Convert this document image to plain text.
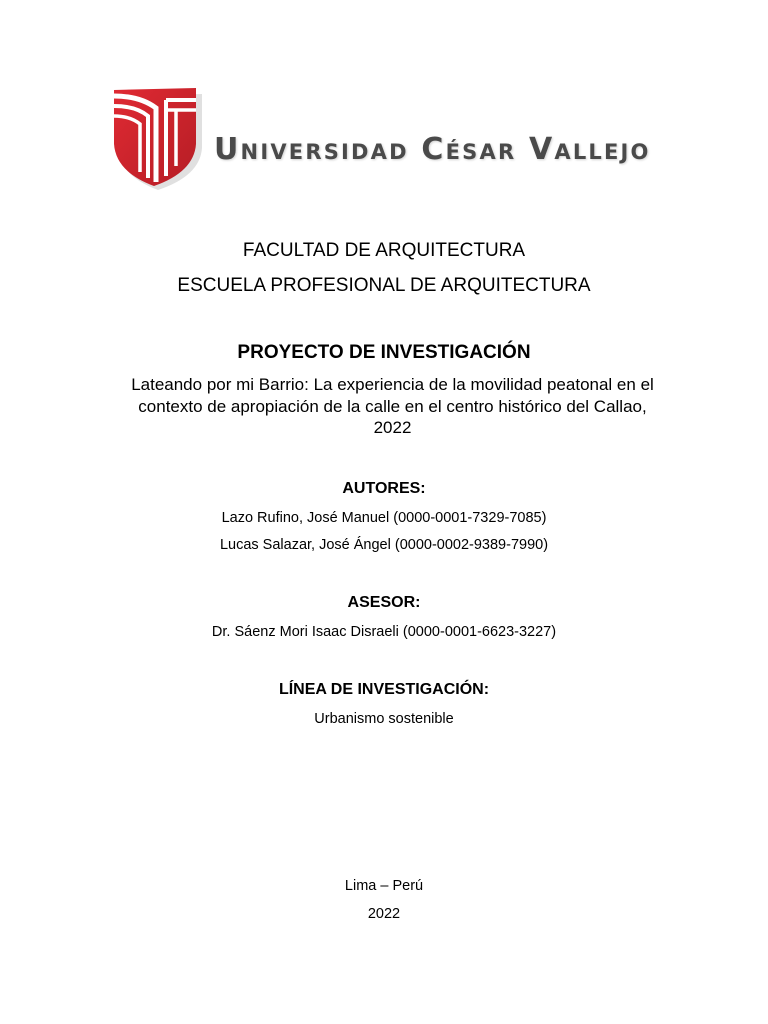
Universidad César Vallejo
FACULTAD DE ARQUITECTURA
ESCUELA PROFESIONAL DE ARQUITECTURA
PROYECTO DE INVESTIGACIÓN
Lateando por mi Barrio: La experiencia de la movilidad peatonal en el
contexto de apropiación de la calle en el centro histórico del Callao,
2022
AUTORES:
Lazo Rufino, José Manuel (0000-0001-7329-7085)
Lucas Salazar, José Ángel (0000-0002-9389-7990)
ASESOR:
Dr. Sáenz Mori Isaac Disraeli (0000-0001-6623-3227)
LÍNEA DE INVESTIGACIÓN:
Urbanismo sostenible
Lima – Perú
2022
